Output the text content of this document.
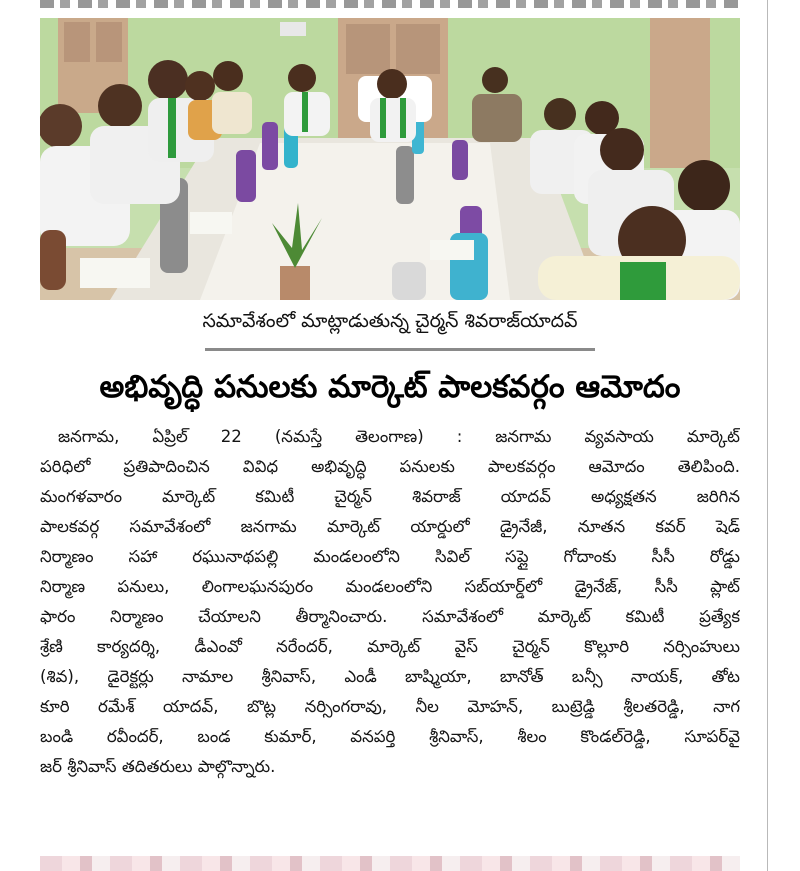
సమావేశంలో మాట్లాడుతున్న చైర్మన్ శివరాజ్‌యాదవ్
అభివృద్ధి పనులకు మార్కెట్ పాలకవర్గం ఆమోదం
జనగామ, ఏప్రిల్ 22 (నమస్తే తెలంగాణ) : జనగామ వ్యవసాయ మార్కెట్
పరిధిలో ప్రతిపాదించిన వివిధ అభివృద్ధి పనులకు పాలకవర్గం ఆమోదం తెలిపింది.
మంగళవారం మార్కెట్ కమిటీ చైర్మన్ శివరాజ్ యాదవ్ అధ్యక్షతన జరిగిన
పాలకవర్గ సమావేశంలో జనగామ మార్కెట్ యార్డులో డ్రైనేజీ, నూతన కవర్ షెడ్
నిర్మాణం సహా రఘునాథపల్లి మండలంలోని సివిల్ సప్లై గోదాంకు సీసీ రోడ్డు
నిర్మాణ పనులు, లింగాలఘనపురం మండలంలోని సబ్‌యార్డ్‌లో డ్రైనేజ్, సీసీ ప్లాట్
ఫారం నిర్మాణం చేయాలని తీర్మానించారు. సమావేశంలో మార్కెట్ కమిటీ ప్రత్యేక
శ్రేణి కార్యదర్శి, డీఎంవో నరేందర్, మార్కెట్ వైస్ చైర్మన్ కొల్లూరి నర్సింహులు
(శివ), డైరెక్టర్లు నామాల శ్రీనివాస్, ఎండీ బాష్మియా, బానోత్ బన్సీ నాయక్, తోట
కూరి రమేశ్ యాదవ్, బొట్ల నర్సింగరావు, నీల మోహన్, బుట్రెడ్డి శ్రీలతరెడ్డి, నాగ
బండి రవీందర్, బండ కుమార్, వనపర్తి శ్రీనివాస్, శీలం కొండల్‌రెడ్డి, సూపర్‌వై
జర్ శ్రీనివాస్ తదితరులు పాల్గొన్నారు.
